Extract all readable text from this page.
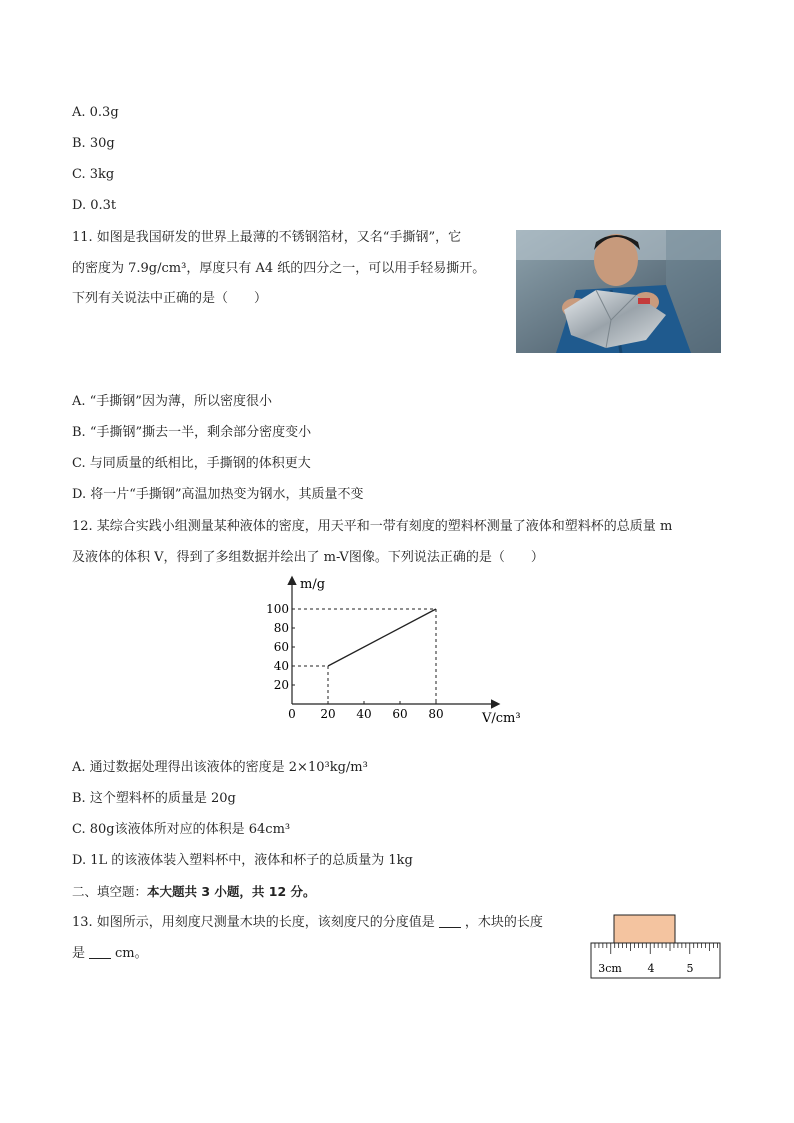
A. 0.3g
B. 30g
C. 3kg
D. 0.3t
11. 如图是我国研发的世界上最薄的不锈钢箔材，又名“手撕钢”，它
的密度为 7.9g/cm³，厚度只有 A4 纸的四分之一，可以用手轻易撕开。
下列有关说法中正确的是（　　）
A. “手撕钢”因为薄，所以密度很小
B. “手撕钢”撕去一半，剩余部分密度变小
C. 与同质量的纸相比，手撕钢的体积更大
D. 将一片“手撕钢”高温加热变为钢水，其质量不变
12. 某综合实践小组测量某种液体的密度，用天平和一带有刻度的塑料杯测量了液体和塑料杯的总质量 m
及液体的体积 V，得到了多组数据并绘出了 m-V图像。下列说法正确的是（　　）
m/g
V/cm³
0 20 40 60 80
20
40
60
80
100
A. 通过数据处理得出该液体的密度是 2×10³kg/m³
B. 这个塑料杯的质量是 20g
C. 80g该液体所对应的体积是 64cm³
D. 1L 的该液体装入塑料杯中，液体和杯子的总质量为 1kg
二、填空题：本大题共 3 小题，共 12 分。
13. 如图所示，用刻度尺测量木块的长度，该刻度尺的分度值是 ，木块的长度
是 cm。
3cm 4	5
